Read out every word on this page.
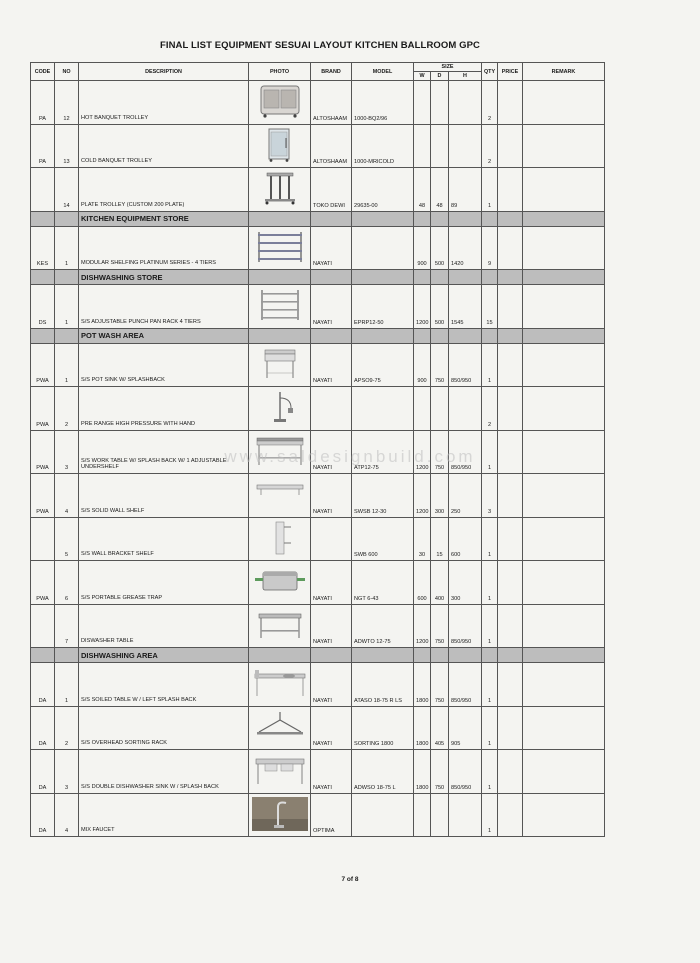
FINAL LIST EQUIPMENT SESUAI LAYOUT KITCHEN BALLROOM GPC
CODE	NO	DESCRIPTION	PHOTO	BRAND	MODEL	SIZE			QTY	PRICE	REMARK
						W	D	H			
PA	12	HOT BANQUET TROLLEY		ALTOSHAAM	1000-BQ2/96				2		
PA	13	COLD BANQUET TROLLEY		ALTOSHAAM	1000-MRICOLD				2		
	14	PLATE TROLLEY (CUSTOM 200 PLATE)		TOKO DEWI	29635-00	48	48	89	1		
		KITCHEN EQUIPMENT STORE									
KES	1	MODULAR SHELFING PLATINUM SERIES - 4 TIERS		NAYATI		900	500	1420	9		
		DISHWASHING STORE									
DS	1	S/S ADJUSTABLE PUNCH PAN RACK 4 TIERS		NAYATI	EPRP12-50	1200	500	1545	15		
		POT WASH AREA									
PWA	1	S/S POT SINK W/ SPLASHBACK		NAYATI	APSO9-75	900	750	850/950	1		
PWA	2	PRE RANGE HIGH PRESSURE WITH HAND							2		
PWA	3	S/S WORK TABLE W/ SPLASH BACK W/ 1 ADJUSTABLE UNDERSHELF		NAYATI	ATP12-75	1200	750	850/950	1		
PWA	4	S/S SOLID WALL SHELF		NAYATI	SWSB 12-30	1200	300	250	3		
	5	S/S WALL BRACKET SHELF			SWB 600	30	15	600	1		
PWA	6	S/S PORTABLE GREASE TRAP		NAYATI	NGT 6-43	600	400	300	1		
	7	DISWASHER TABLE		NAYATI	ADWTO 12-75	1200	750	850/950	1		
		DISHWASHING AREA									
DA	1	S/S SOILED TABLE W / LEFT SPLASH BACK		NAYATI	ATASO 18-75 R LS	1800	750	850/950	1		
DA	2	S/S OVERHEAD SORTING RACK		NAYATI	SORTING 1800	1800	405	905	1		
DA	3	S/S DOUBLE DISHWASHER SINK W / SPLASH BACK		NAYATI	ADWSO 18-75 L	1800	750	850/950	1		
DA	4	MIX FAUCET		OPTIMA					1		
www.saldesignbuild.com
7 of 8
